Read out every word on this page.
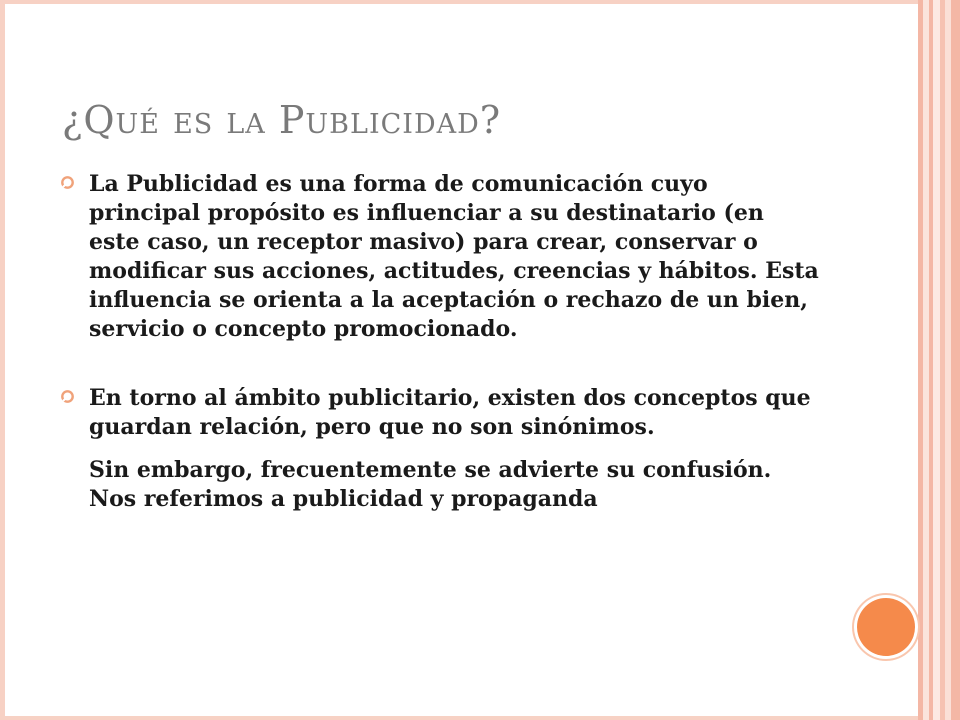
¿Qué es la Publicidad?

La Publicidad es una forma de comunicación cuyo principal propósito es influenciar a su destinatario (en este caso, un receptor masivo) para crear, conservar o modificar sus acciones, actitudes, creencias y hábitos. Esta influencia se orienta a la aceptación o rechazo de un bien, servicio o concepto promocionado.

En torno al ámbito publicitario, existen dos conceptos que guardan relación, pero que no son sinónimos.

Sin embargo, frecuentemente se advierte su confusión. Nos referimos a publicidad y propaganda
